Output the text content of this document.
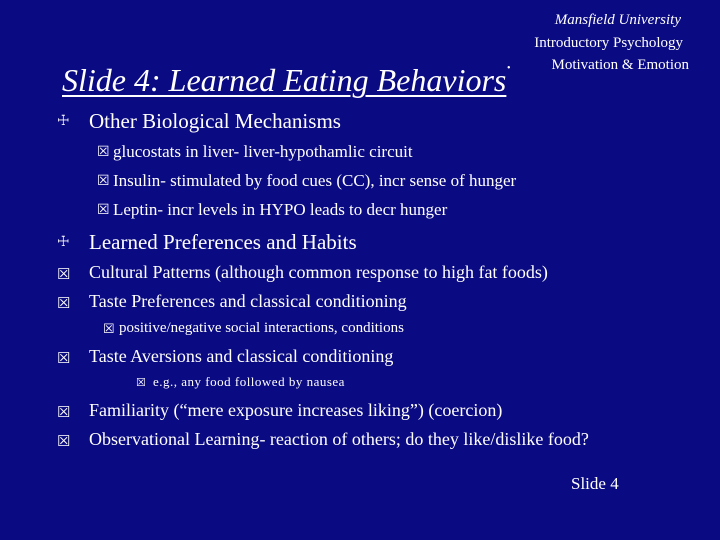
Mansfield University
Introductory Psychology
Motivation & Emotion
•
Slide 4: Learned Eating Behaviors
☩ Other Biological Mechanisms
☒ glucostats in liver- liver-hypothamlic circuit
☒ Insulin- stimulated by food cues (CC), incr sense of hunger
☒ Leptin- incr levels in HYPO leads to decr hunger
☩ Learned Preferences and Habits
☒ Cultural Patterns (although common response to high fat foods)
☒ Taste Preferences and classical conditioning
☒ positive/negative social interactions, conditions
☒ Taste Aversions and classical conditioning
☒ e.g., any food followed by nausea
☒ Familiarity (“mere exposure increases liking”) (coercion)
☒ Observational Learning- reaction of others; do they like/dislike food?
Slide 4
